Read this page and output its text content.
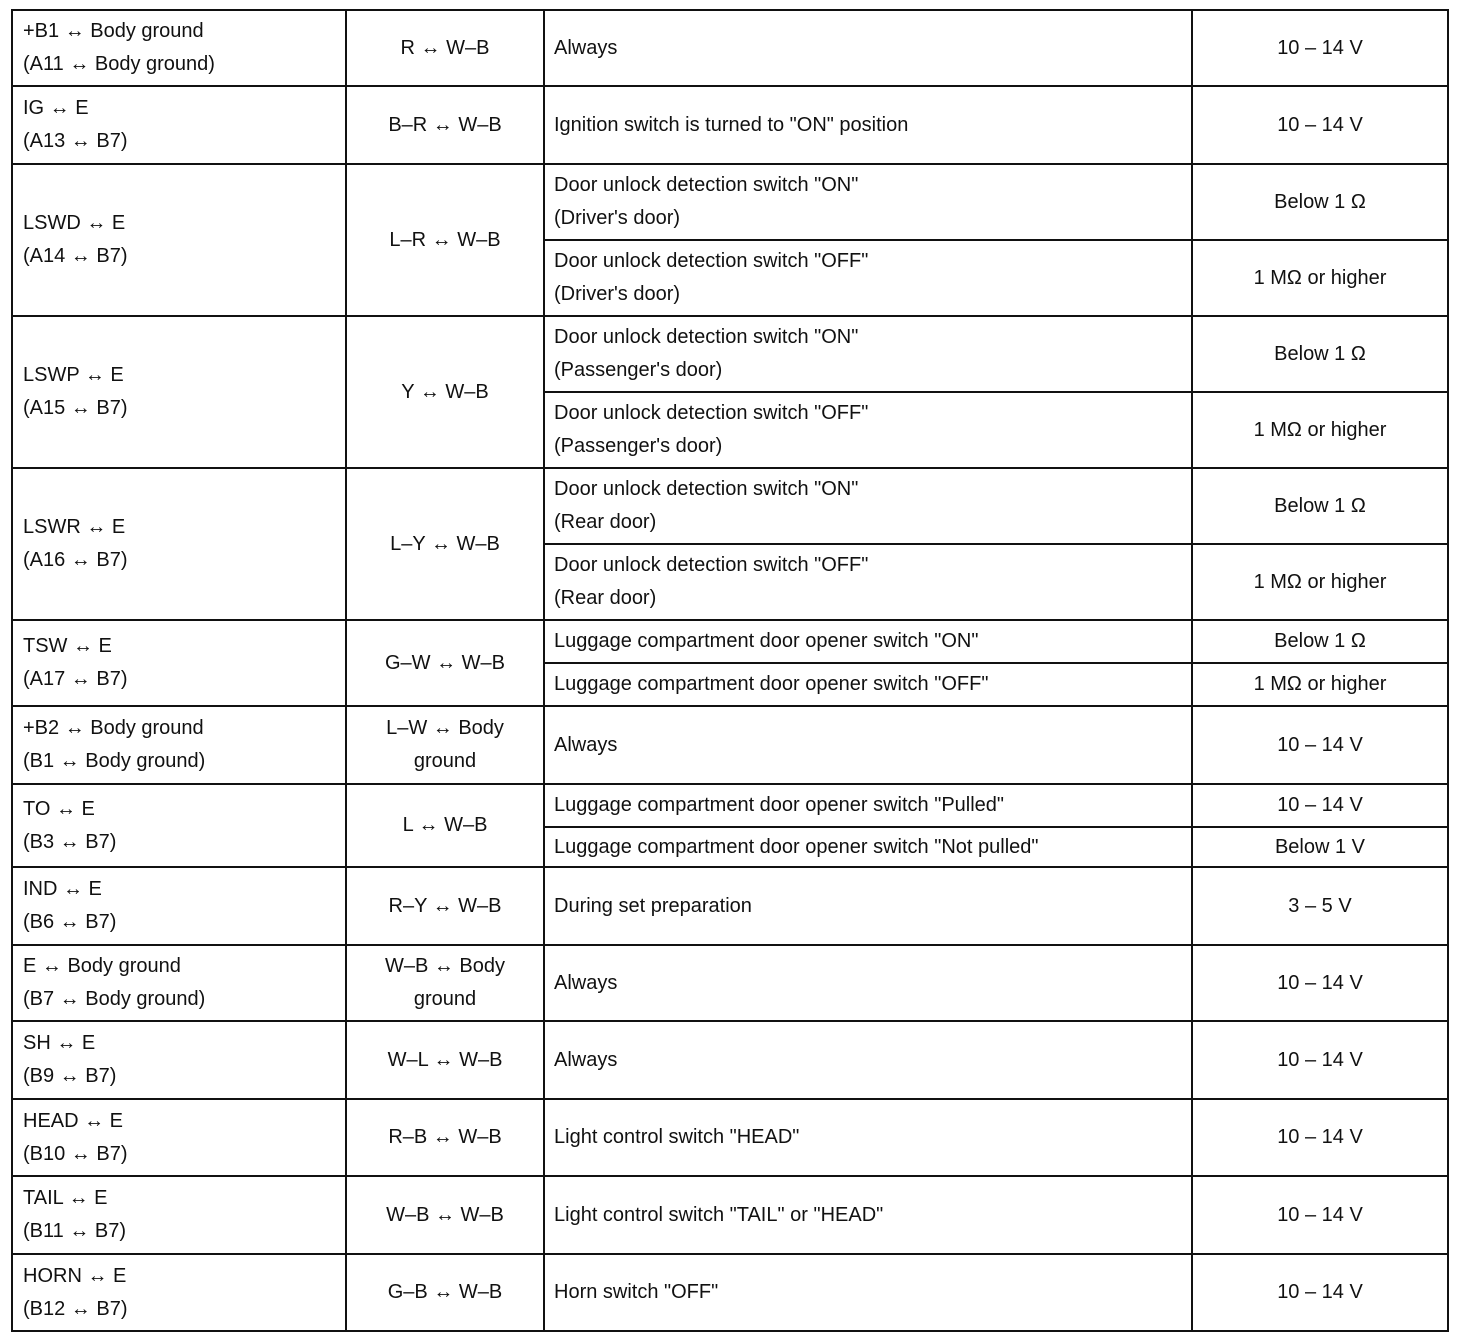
+B1 ↔ Body ground
(A11 ↔ Body ground)	R ↔ W–B	Always	10 – 14 V

IG ↔ E
(A13 ↔ B7)	B–R ↔ W–B	Ignition switch is turned to "ON" position	10 – 14 V

LSWD ↔ E
(A14 ↔ B7)	L–R ↔ W–B	Door unlock detection switch "ON"
(Driver's door)	Below 1 Ω

		Door unlock detection switch "OFF"
(Driver's door)	1 MΩ or higher

LSWP ↔ E
(A15 ↔ B7)	Y ↔ W–B	Door unlock detection switch "ON"
(Passenger's door)	Below 1 Ω

		Door unlock detection switch "OFF"
(Passenger's door)	1 MΩ or higher

LSWR ↔ E
(A16 ↔ B7)	L–Y ↔ W–B	Door unlock detection switch "ON"
(Rear door)	Below 1 Ω

		Door unlock detection switch "OFF"
(Rear door)	1 MΩ or higher

TSW ↔ E
(A17 ↔ B7)	G–W ↔ W–B	Luggage compartment door opener switch "ON"	Below 1 Ω

		Luggage compartment door opener switch "OFF"	1 MΩ or higher

+B2 ↔ Body ground
(B1 ↔ Body ground)	L–W ↔ Body
ground	Always	10 – 14 V

TO ↔ E
(B3 ↔ B7)	L ↔ W–B	Luggage compartment door opener switch "Pulled"	10 – 14 V

		Luggage compartment door opener switch "Not pulled"	Below 1 V

IND ↔ E
(B6 ↔ B7)	R–Y ↔ W–B	During set preparation	3 – 5 V

E ↔ Body ground
(B7 ↔ Body ground)	W–B ↔ Body
ground	Always	10 – 14 V

SH ↔ E
(B9 ↔ B7)	W–L ↔ W–B	Always	10 – 14 V

HEAD ↔ E
(B10 ↔ B7)	R–B ↔ W–B	Light control switch "HEAD"	10 – 14 V

TAIL ↔ E
(B11 ↔ B7)	W–B ↔ W–B	Light control switch "TAIL" or "HEAD"	10 – 14 V

HORN ↔ E
(B12 ↔ B7)	G–B ↔ W–B	Horn switch "OFF"	10 – 14 V
